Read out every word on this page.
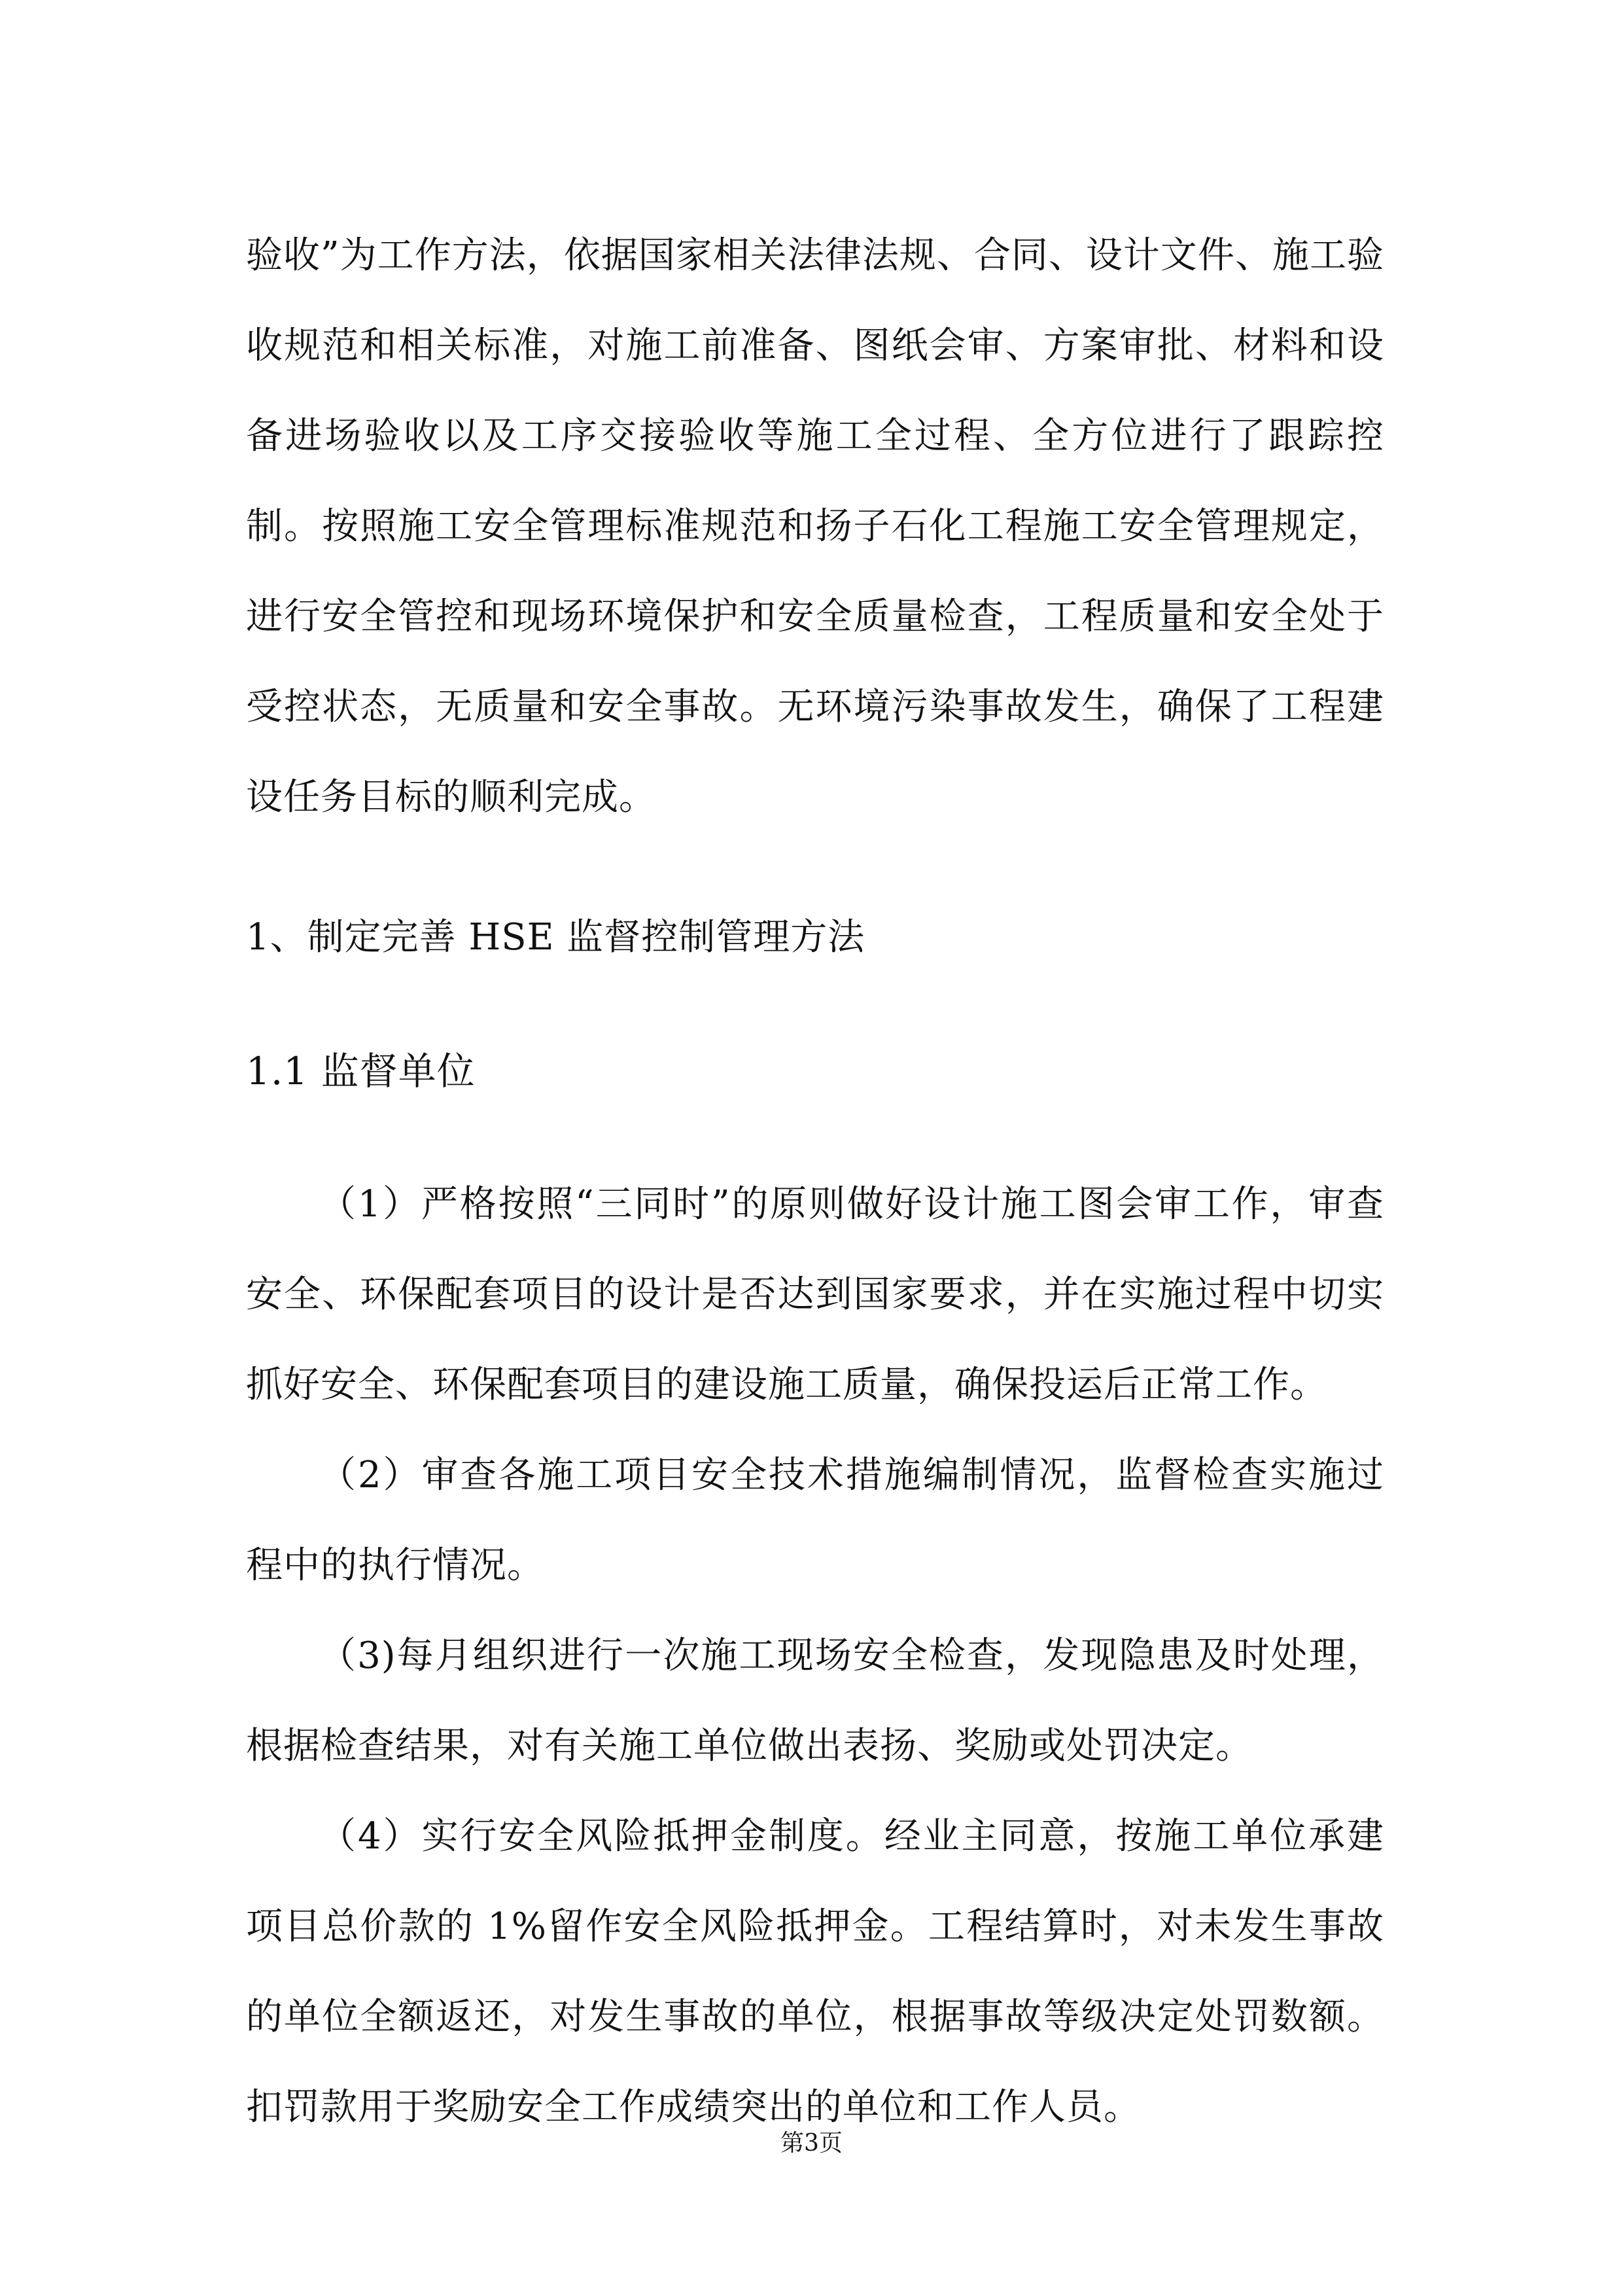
验收”为工作方法，依据国家相关法律法规、合同、设计文件、施工验收规范和相关标准，对施工前准备、图纸会审、方案审批、材料和设备进场验收以及工序交接验收等施工全过程、全方位进行了跟踪控制。按照施工安全管理标准规范和扬子石化工程施工安全管理规定，进行安全管控和现场环境保护和安全质量检查，工程质量和安全处于受控状态，无质量和安全事故。无环境污染事故发生，确保了工程建设任务目标的顺利完成。

1、制定完善 HSE 监督控制管理方法

1.1 监督单位

（1）严格按照“三同时”的原则做好设计施工图会审工作，审查安全、环保配套项目的设计是否达到国家要求，并在实施过程中切实抓好安全、环保配套项目的建设施工质量，确保投运后正常工作。

（2）审查各施工项目安全技术措施编制情况，监督检查实施过程中的执行情况。

（3)每月组织进行一次施工现场安全检查，发现隐患及时处理，根据检查结果，对有关施工单位做出表扬、奖励或处罚决定。

（4）实行安全风险抵押金制度。经业主同意，按施工单位承建项目总价款的 1%留作安全风险抵押金。工程结算时，对未发生事故的单位全额返还，对发生事故的单位，根据事故等级决定处罚数额。扣罚款用于奖励安全工作成绩突出的单位和工作人员。

第3页
